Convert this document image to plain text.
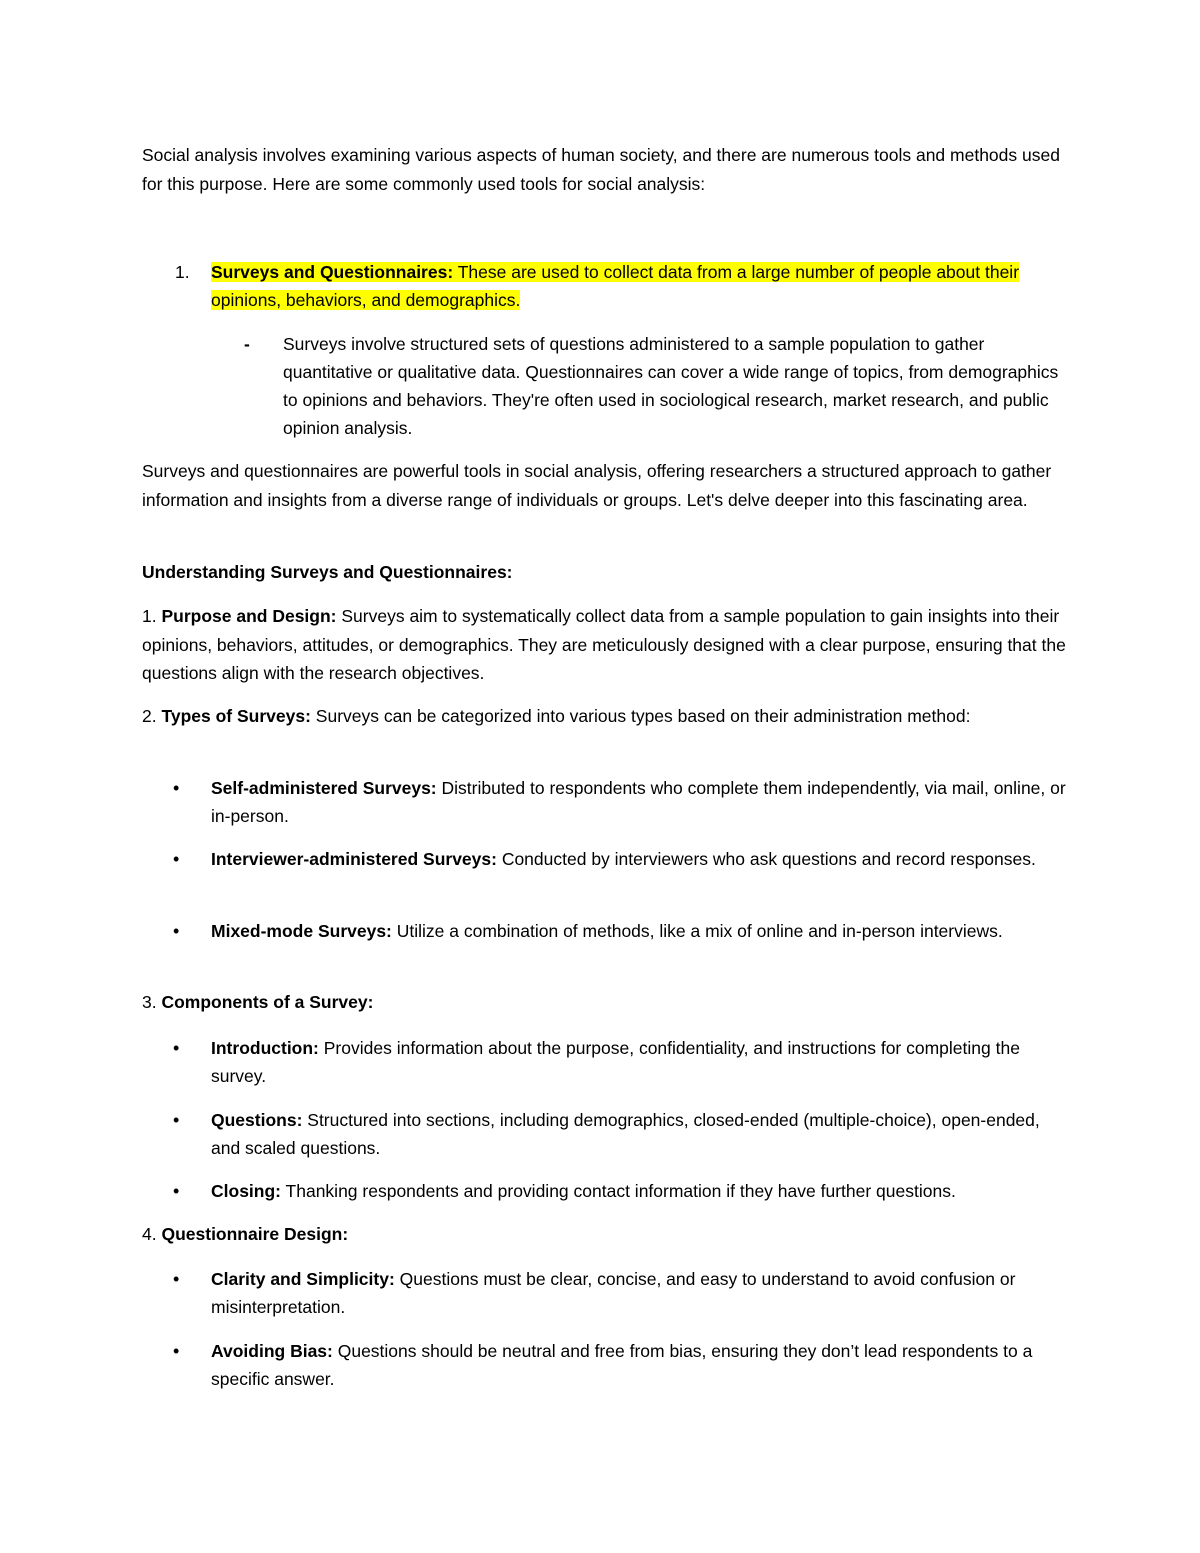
Social analysis involves examining various aspects of human society, and there are numerous tools and methods used for this purpose. Here are some commonly used tools for social analysis:

1. Surveys and Questionnaires: These are used to collect data from a large number of people about their opinions, behaviors, and demographics.
- Surveys involve structured sets of questions administered to a sample population to gather quantitative or qualitative data. Questionnaires can cover a wide range of topics, from demographics to opinions and behaviors. They're often used in sociological research, market research, and public opinion analysis.

Surveys and questionnaires are powerful tools in social analysis, offering researchers a structured approach to gather information and insights from a diverse range of individuals or groups. Let's delve deeper into this fascinating area.

Understanding Surveys and Questionnaires:

1. Purpose and Design: Surveys aim to systematically collect data from a sample population to gain insights into their opinions, behaviors, attitudes, or demographics. They are meticulously designed with a clear purpose, ensuring that the questions align with the research objectives.

2. Types of Surveys: Surveys can be categorized into various types based on their administration method:

• Self-administered Surveys: Distributed to respondents who complete them independently, via mail, online, or in-person.
• Interviewer-administered Surveys: Conducted by interviewers who ask questions and record responses.
• Mixed-mode Surveys: Utilize a combination of methods, like a mix of online and in-person interviews.

3. Components of a Survey:

• Introduction: Provides information about the purpose, confidentiality, and instructions for completing the survey.
• Questions: Structured into sections, including demographics, closed-ended (multiple-choice), open-ended, and scaled questions.
• Closing: Thanking respondents and providing contact information if they have further questions.

4. Questionnaire Design:

• Clarity and Simplicity: Questions must be clear, concise, and easy to understand to avoid confusion or misinterpretation.
• Avoiding Bias: Questions should be neutral and free from bias, ensuring they don’t lead respondents to a specific answer.
